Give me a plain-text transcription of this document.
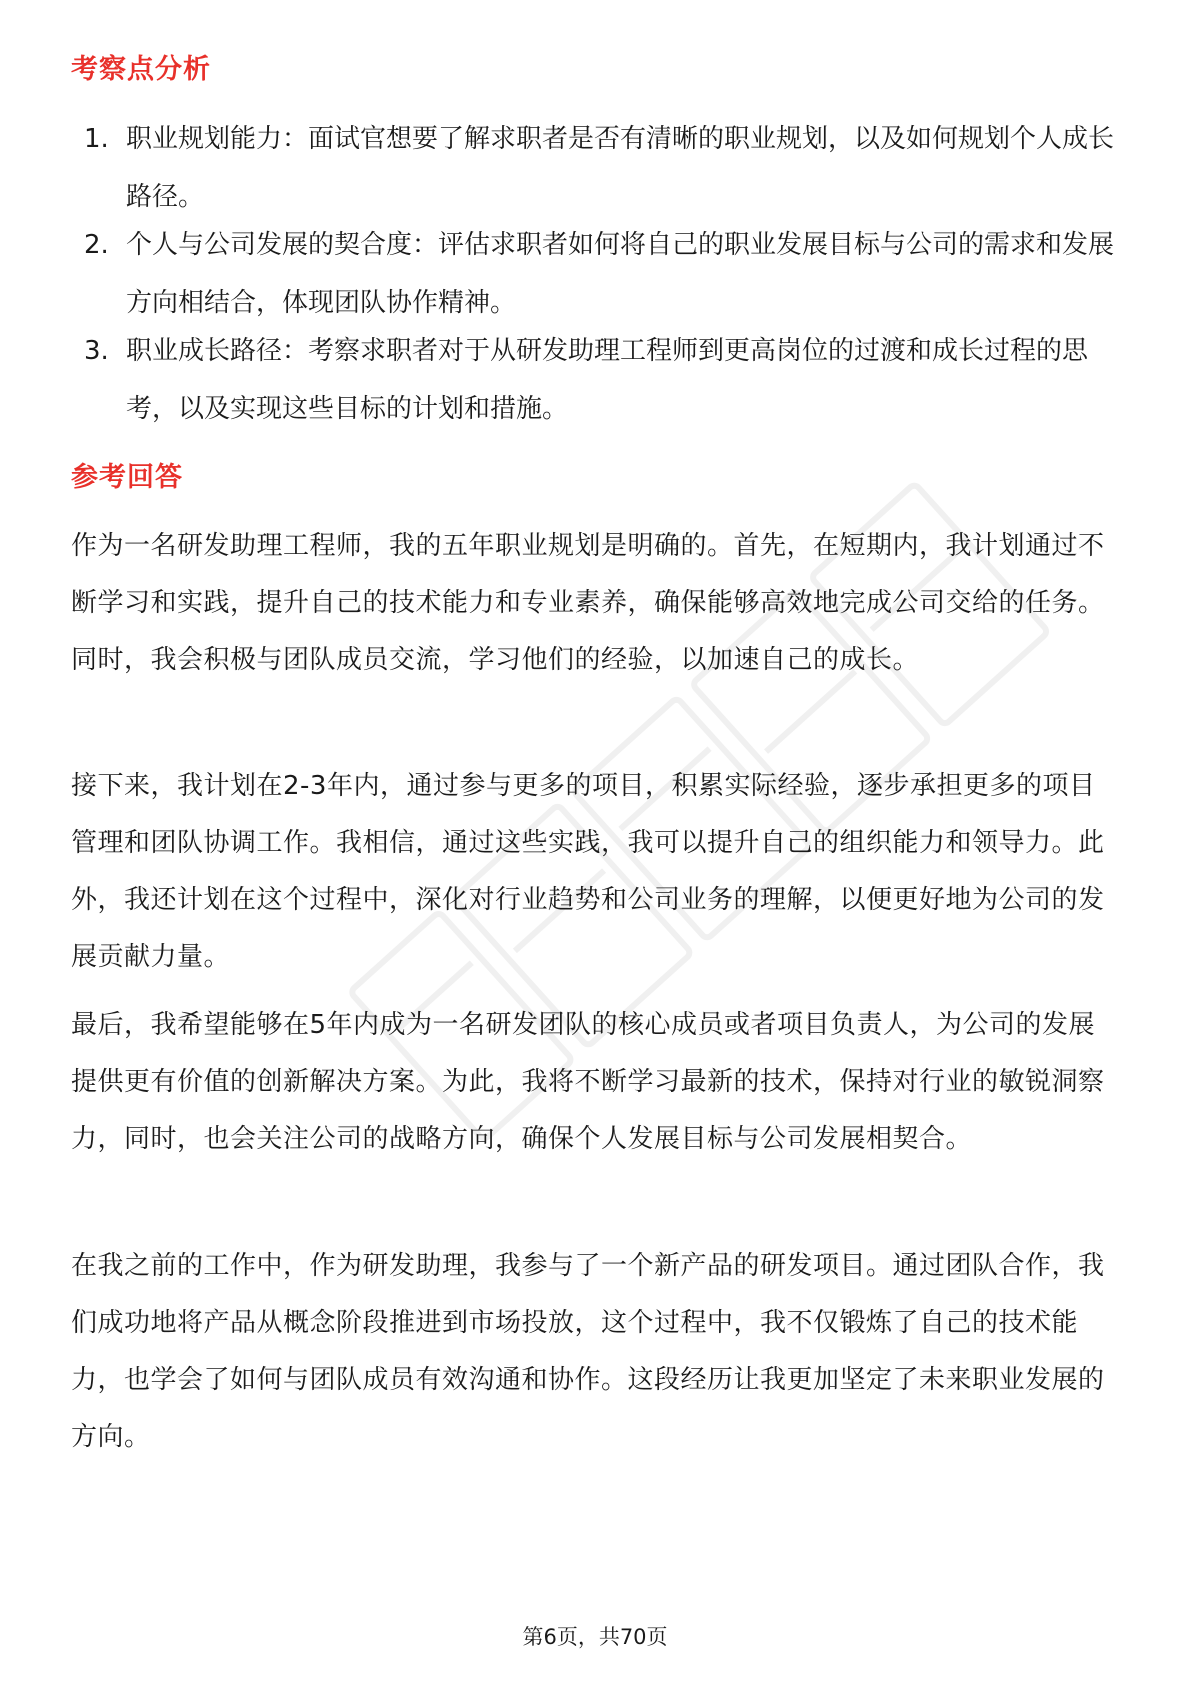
考察点分析
1. 职业规划能力：面试官想要了解求职者是否有清晰的职业规划，以及如何规划个人成长路径。
2. 个人与公司发展的契合度：评估求职者如何将自己的职业发展目标与公司的需求和发展方向相结合，体现团队协作精神。
3. 职业成长路径：考察求职者对于从研发助理工程师到更高岗位的过渡和成长过程的思考，以及实现这些目标的计划和措施。
参考回答

作为一名研发助理工程师，我的五年职业规划是明确的。首先，在短期内，我计划通过不断学习和实践，提升自己的技术能力和专业素养，确保能够高效地完成公司交给的任务。同时，我会积极与团队成员交流，学习他们的经验，以加速自己的成长。

接下来，我计划在2-3年内，通过参与更多的项目，积累实际经验，逐步承担更多的项目管理和团队协调工作。我相信，通过这些实践，我可以提升自己的组织能力和领导力。此外，我还计划在这个过程中，深化对行业趋势和公司业务的理解，以便更好地为公司的发展贡献力量。

最后，我希望能够在5年内成为一名研发团队的核心成员或者项目负责人，为公司的发展提供更有价值的创新解决方案。为此，我将不断学习最新的技术，保持对行业的敏锐洞察力，同时，也会关注公司的战略方向，确保个人发展目标与公司发展相契合。

在我之前的工作中，作为研发助理，我参与了一个新产品的研发项目。通过团队合作，我们成功地将产品从概念阶段推进到市场投放，这个过程中，我不仅锻炼了自己的技术能力，也学会了如何与团队成员有效沟通和协作。这段经历让我更加坚定了未来职业发展的方向。

第6页，共70页
